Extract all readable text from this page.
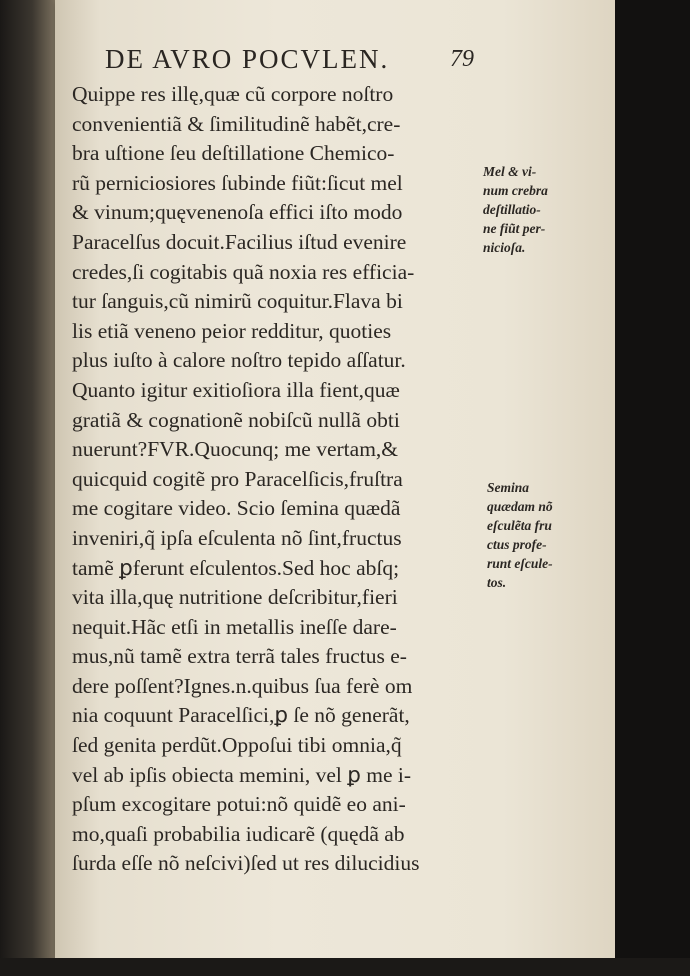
DE AVRO POCVLEN.	79
Quippe res illę,quæ cũ corpore noſtro
convenientiã & ſimilitudinẽ habẽt,cre-
bra uſtione ſeu deſtillatione Chemico-
rũ perniciosiores ſubinde fiũt:ſicut mel
& vinum;quęvenenoſa effici iſto modo
Paracelſus docuit.Facilius iſtud evenire
credes,ſi cogitabis quã noxia res efficia-
tur ſanguis,cũ nimirũ coquitur.Flava bi
lis etiã veneno peior redditur, quoties
plus iuſto à calore noſtro tepido aſſatur.
Quanto igitur exitioſiora illa fient,quæ
gratiã & cognationẽ nobiſcũ nullã obti
nuerunt?FVR.Quocunq; me vertam,&
quicquid cogitẽ pro Paracelſicis,fruſtra
me cogitare video. Scio ſemina quædã
inveniri,q̃ ipſa eſculenta nõ ſint,fructus
tamẽ ꝑferunt eſculentos.Sed hoc abſq;
vita illa,quę nutritione deſcribitur,fieri
nequit.Hãc etſi in metallis ineſſe dare-
mus,nũ tamẽ extra terrã tales fructus e-
dere poſſent?Ignes.n.quibus ſua ferè om
nia coquunt Paracelſici,ꝑ ſe nõ generãt,
ſed genita perdũt.Oppoſui tibi omnia,q̃
vel ab ipſis obiecta memini, vel ꝑ me i-
pſum excogitare potui:nõ quidẽ eo ani-
mo,quaſi probabilia iudicarẽ (quędã ab
ſurda eſſe nõ neſcivi)ſed ut res dilucidius
Mel & vi-
num crebra
deſtillatio-
ne fiũt per-
nicioſa.
Semina
quædam nõ
eſculẽta fru
ctus profe-
runt eſcule-
tos.
